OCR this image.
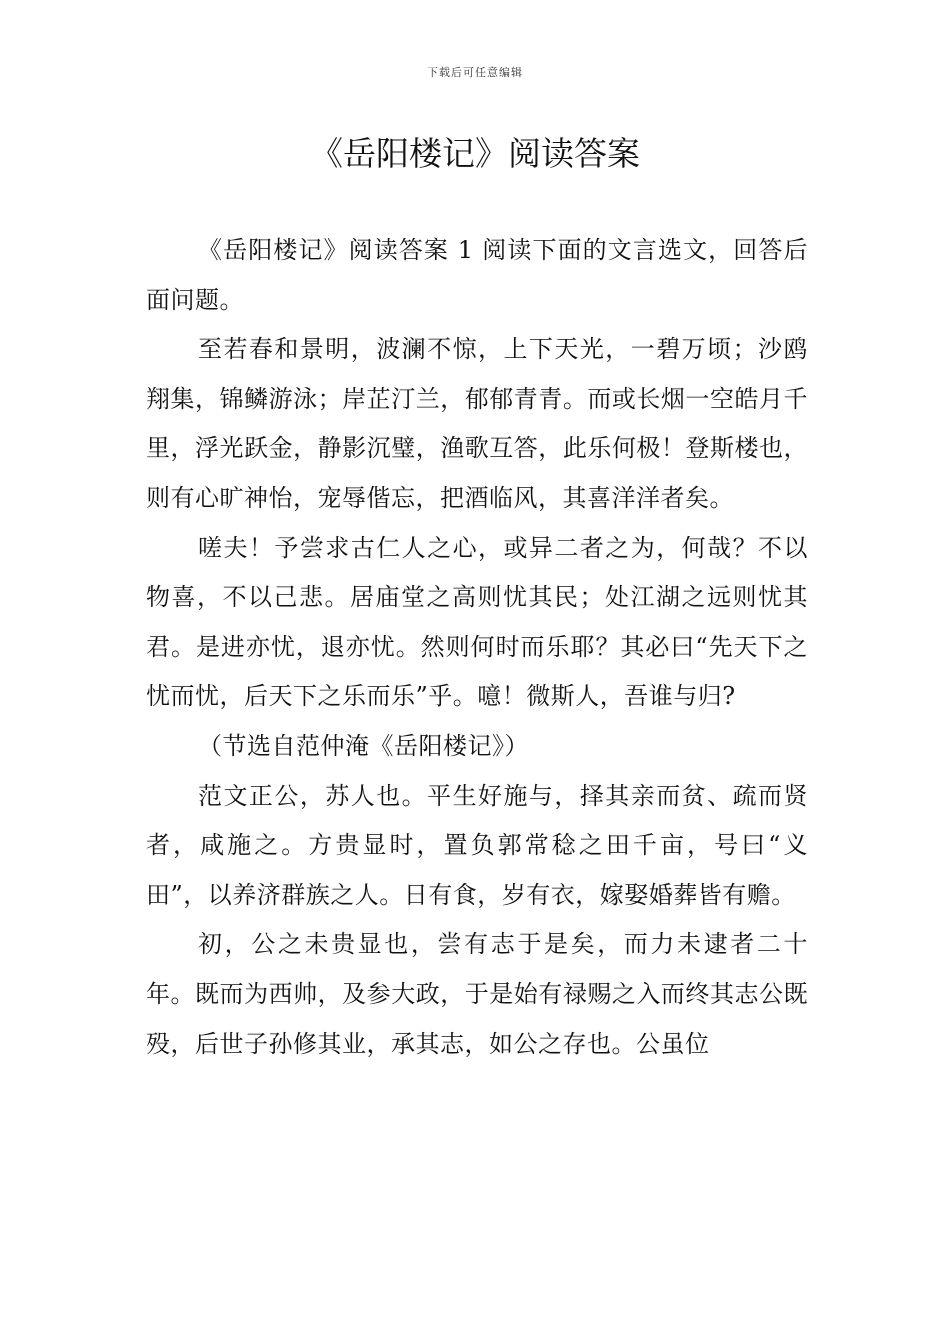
下载后可任意编辑
《岳阳楼记》阅读答案

《岳阳楼记》阅读答案 1 阅读下面的文言选文，回答后面问题。

至若春和景明，波澜不惊，上下天光，一碧万顷；沙鸥翔集，锦鳞游泳；岸芷汀兰，郁郁青青。而或长烟一空皓月千里，浮光跃金，静影沉璧，渔歌互答，此乐何极！登斯楼也，则有心旷神怡，宠辱偕忘，把酒临风，其喜洋洋者矣。

嗟夫！予尝求古仁人之心，或异二者之为，何哉？不以物喜，不以己悲。居庙堂之高则忧其民；处江湖之远则忧其君。是进亦忧，退亦忧。然则何时而乐耶？其必曰“先天下之忧而忧，后天下之乐而乐”乎。噫！微斯人，吾谁与归?

（节选自范仲淹《岳阳楼记》）

范文正公，苏人也。平生好施与，择其亲而贫、疏而贤者，咸施之。方贵显时，置负郭常稔之田千亩，号曰“义田”，以养济群族之人。日有食，岁有衣，嫁娶婚葬皆有赡。

初，公之未贵显也，尝有志于是矣，而力未逮者二十年。既而为西帅，及参大政，于是始有禄赐之入而终其志公既殁，后世子孙修其业，承其志，如公之存也。公虽位
